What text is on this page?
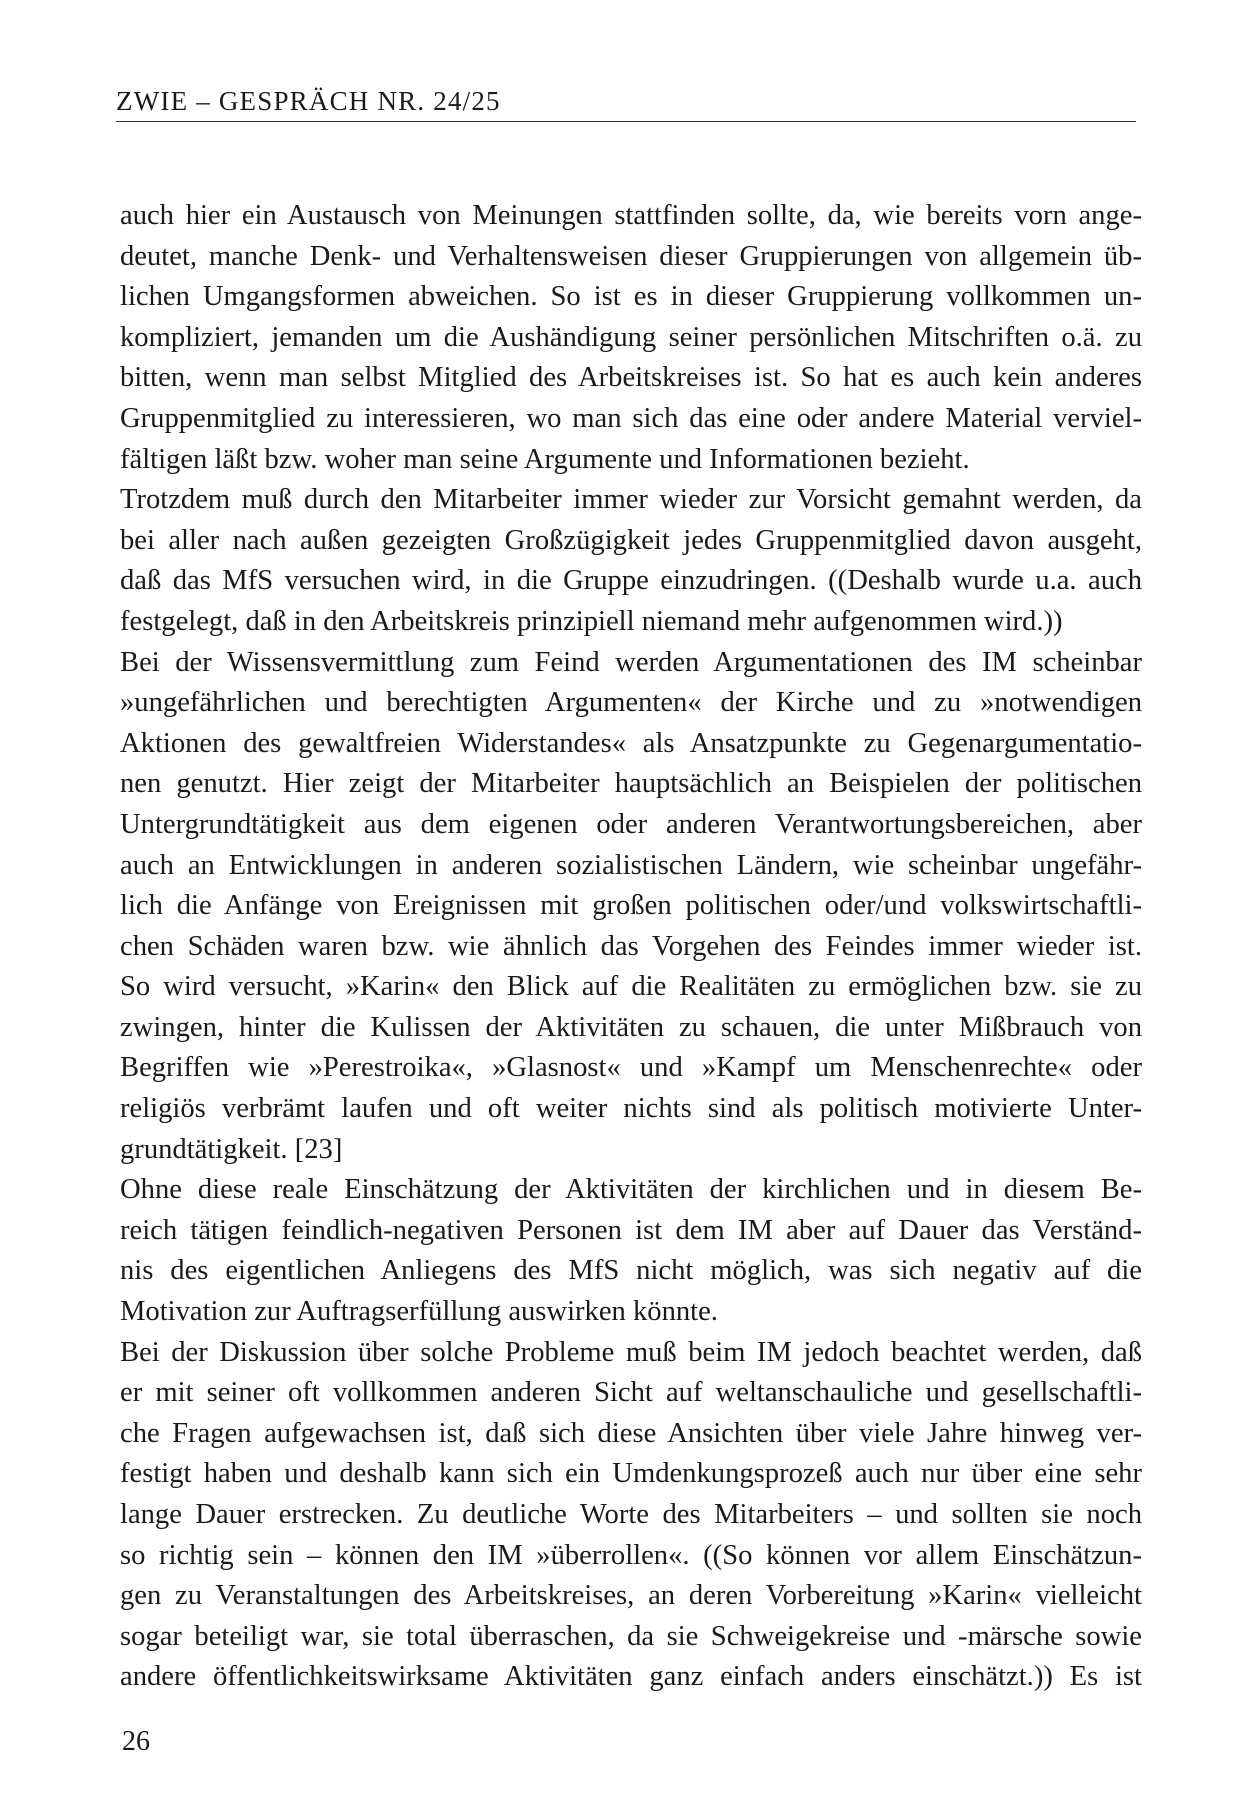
ZWIE – GESPRÄCH NR. 24/25
auch hier ein Austausch von Meinungen stattfinden sollte, da, wie bereits vorn ange-
deutet, manche Denk- und Verhaltensweisen dieser Gruppierungen von allgemein üb-
lichen Umgangsformen abweichen. So ist es in dieser Gruppierung vollkommen un-
kompliziert, jemanden um die Aushändigung seiner persönlichen Mitschriften o.ä. zu
bitten, wenn man selbst Mitglied des Arbeitskreises ist. So hat es auch kein anderes
Gruppenmitglied zu interessieren, wo man sich das eine oder andere Material verviel-
fältigen läßt bzw. woher man seine Argumente und Informationen bezieht.
Trotzdem muß durch den Mitarbeiter immer wieder zur Vorsicht gemahnt werden, da
bei aller nach außen gezeigten Großzügigkeit jedes Gruppenmitglied davon ausgeht,
daß das MfS versuchen wird, in die Gruppe einzudringen. ((Deshalb wurde u.a. auch
festgelegt, daß in den Arbeitskreis prinzipiell niemand mehr aufgenommen wird.))
Bei der Wissensvermittlung zum Feind werden Argumentationen des IM scheinbar
»ungefährlichen und berechtigten Argumenten« der Kirche und zu »notwendigen
Aktionen des gewaltfreien Widerstandes« als Ansatzpunkte zu Gegenargumentatio-
nen genutzt. Hier zeigt der Mitarbeiter hauptsächlich an Beispielen der politischen
Untergrundtätigkeit aus dem eigenen oder anderen Verantwortungsbereichen, aber
auch an Entwicklungen in anderen sozialistischen Ländern, wie scheinbar ungefähr-
lich die Anfänge von Ereignissen mit großen politischen oder/und volkswirtschaftli-
chen Schäden waren bzw. wie ähnlich das Vorgehen des Feindes immer wieder ist.
So wird versucht, »Karin« den Blick auf die Realitäten zu ermöglichen bzw. sie zu
zwingen, hinter die Kulissen der Aktivitäten zu schauen, die unter Mißbrauch von
Begriffen wie »Perestroika«, »Glasnost« und »Kampf um Menschenrechte« oder
religiös verbrämt laufen und oft weiter nichts sind als politisch motivierte Unter-
grundtätigkeit. [23]
Ohne diese reale Einschätzung der Aktivitäten der kirchlichen und in diesem Be-
reich tätigen feindlich-negativen Personen ist dem IM aber auf Dauer das Verständ-
nis des eigentlichen Anliegens des MfS nicht möglich, was sich negativ auf die
Motivation zur Auftragserfüllung auswirken könnte.
Bei der Diskussion über solche Probleme muß beim IM jedoch beachtet werden, daß
er mit seiner oft vollkommen anderen Sicht auf weltanschauliche und gesellschaftli-
che Fragen aufgewachsen ist, daß sich diese Ansichten über viele Jahre hinweg ver-
festigt haben und deshalb kann sich ein Umdenkungsprozeß auch nur über eine sehr
lange Dauer erstrecken. Zu deutliche Worte des Mitarbeiters – und sollten sie noch
so richtig sein – können den IM »überrollen«. ((So können vor allem Einschätzun-
gen zu Veranstaltungen des Arbeitskreises, an deren Vorbereitung »Karin« vielleicht
sogar beteiligt war, sie total überraschen, da sie Schweigekreise und -märsche sowie
andere öffentlichkeitswirksame Aktivitäten ganz einfach anders einschätzt.)) Es ist
26
